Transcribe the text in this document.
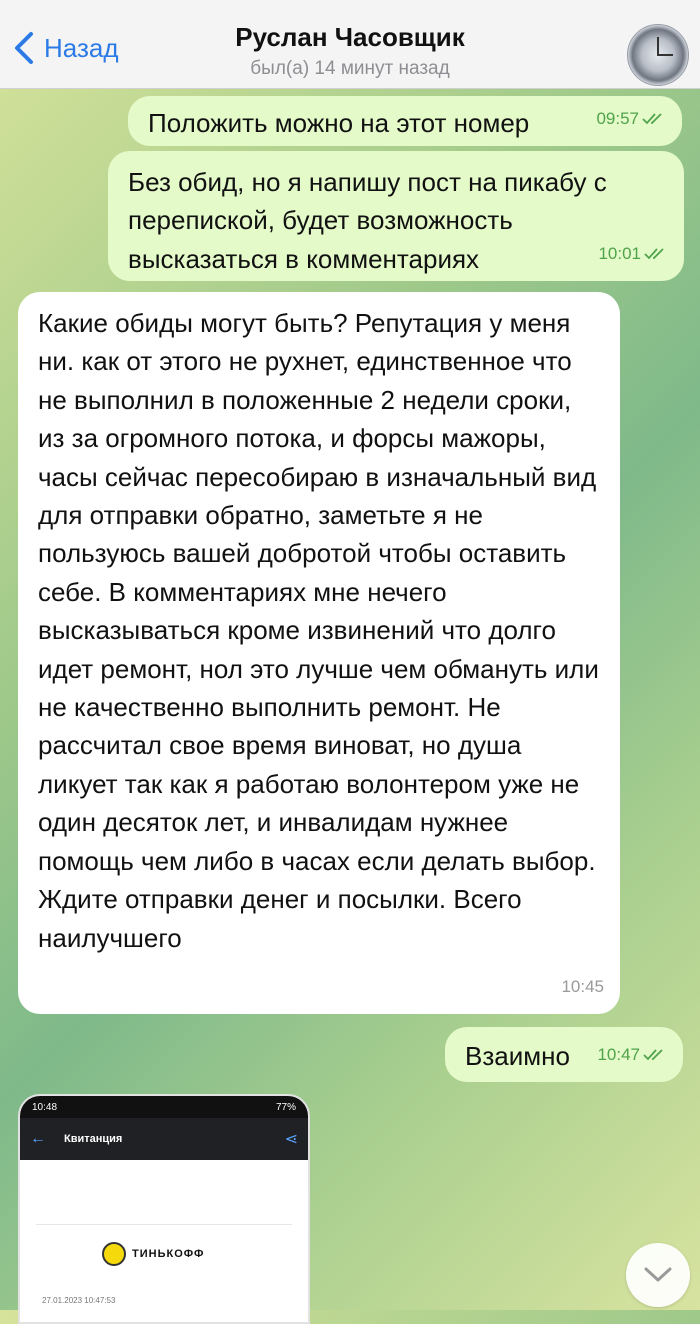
Назад	Руслан Часовщик
был(а) 14 минут назад
Положить можно на этот номер	09:57
Без обид, но я напишу пост на пикабу с перепиской, будет возможность высказаться в комментариях	10:01
Какие обиды могут быть? Репутация у меня ни. как от этого не рухнет, единственное что не выполнил в положенные 2 недели сроки, из за огромного потока, и форсы мажоры, часы сейчас пересобираю в изначальный вид для отправки обратно, заметьте я не пользуюсь вашей добротой чтобы оставить себе. В комментариях мне нечего высказываться кроме извинений что долго идет ремонт, нол это лучше чем обмануть или не качественно выполнить ремонт. Не рассчитал свое время виноват, но душа ликует так как я работаю волонтером уже не один десяток лет, и инвалидам нужнее помощь чем либо в часах если делать выбор. Ждите отправки денег и посылки. Всего наилучшего
10:45
Взаимно 10:47
10:48	77%
← Квитанция	⋖
ТИНЬКОФФ
27.01.2023 10:47:53
